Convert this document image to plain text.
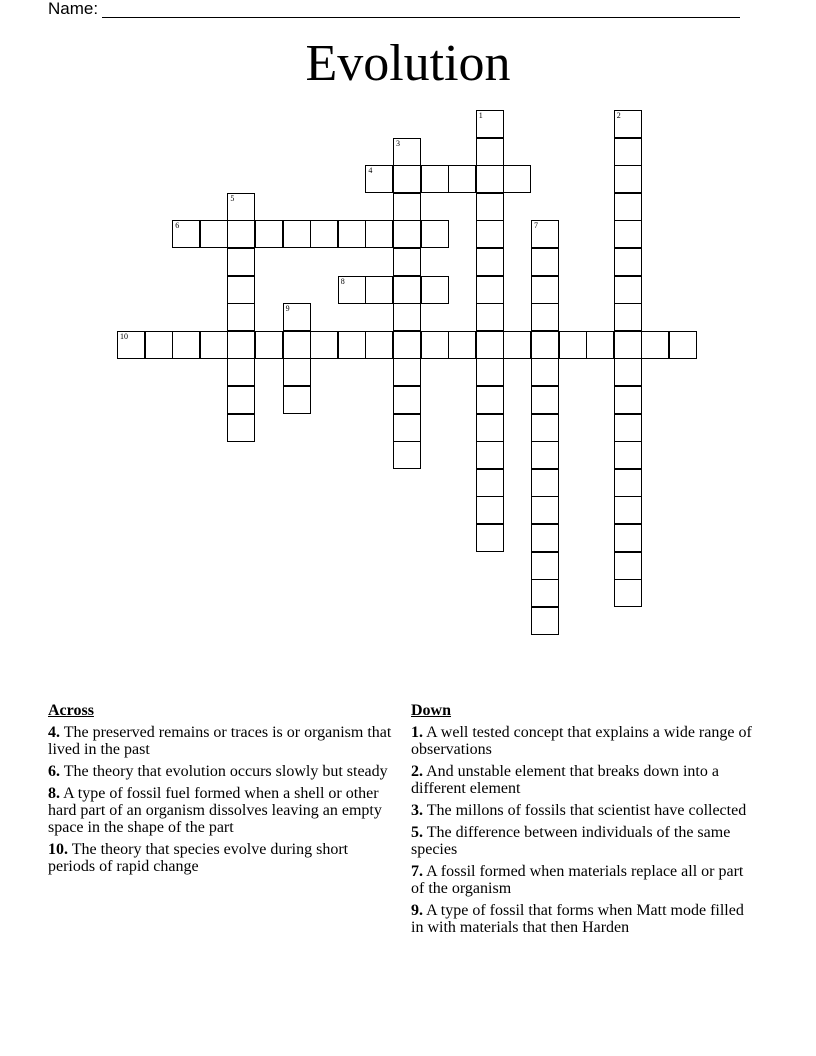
Name:
Evolution
1	2
3
4
5
6	7
8
9
10
Across
4. The preserved remains or traces is or organism that lived in the past
6. The theory that evolution occurs slowly but steady
8. A type of fossil fuel formed when a shell or other hard part of an organism dissolves leaving an empty space in the shape of the part
10. The theory that species evolve during short periods of rapid change
Down
1. A well tested concept that explains a wide range of observations
2. And unstable element that breaks down into a different element
3. The millons of fossils that scientist have collected
5. The difference between individuals of the same species
7. A fossil formed when materials replace all or part of the organism
9. A type of fossil that forms when Matt mode filled in with materials that then Harden
